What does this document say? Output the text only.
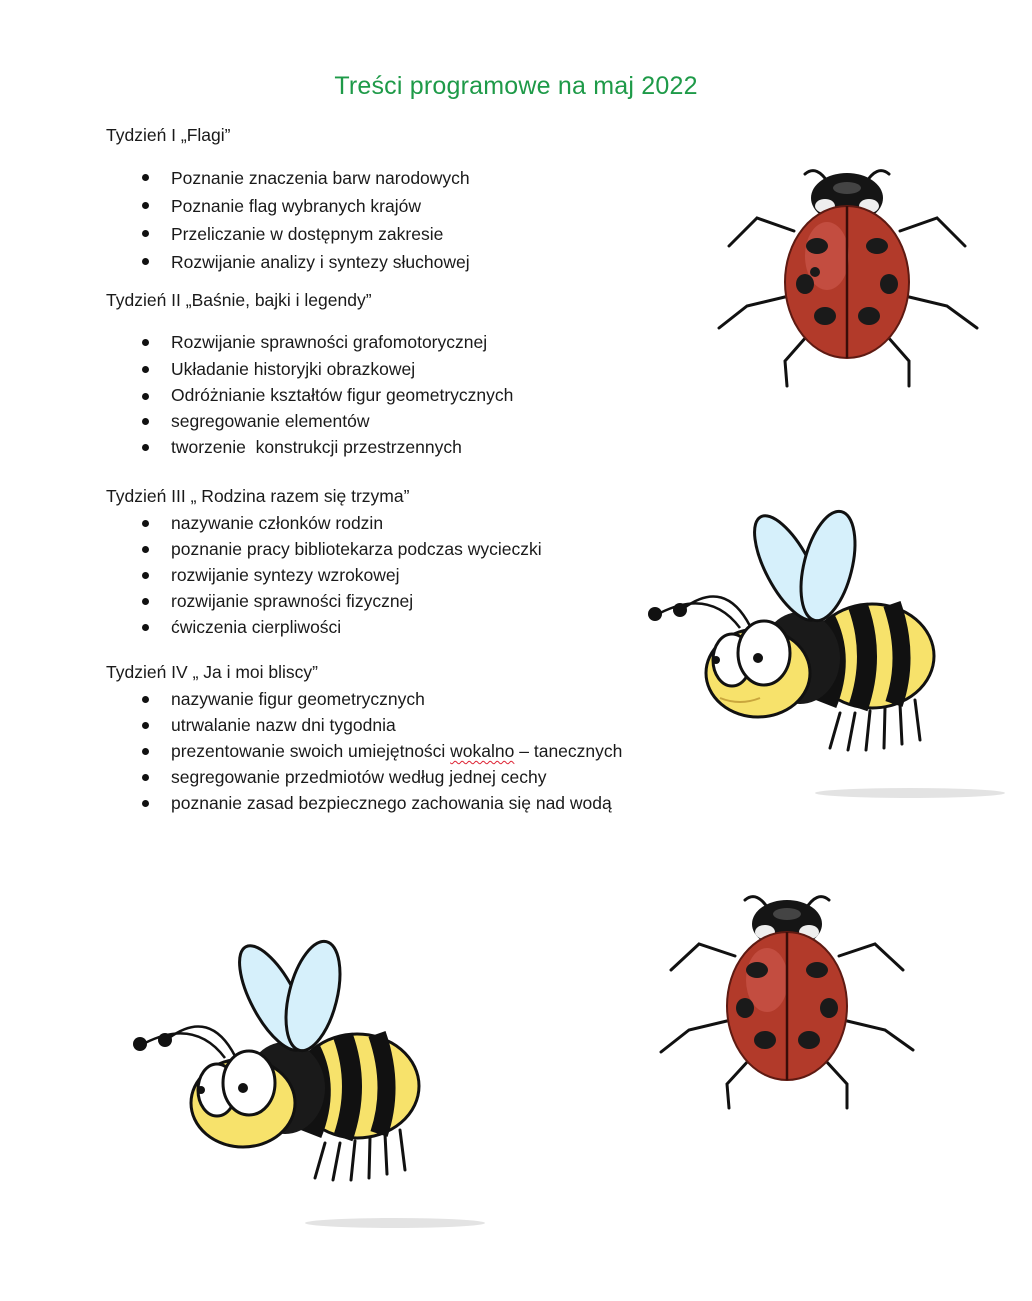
Treści programowe na maj 2022
Tydzień I „Flagi”
Poznanie znaczenia barw narodowych
Poznanie flag wybranych krajów
Przeliczanie w dostępnym zakresie
Rozwijanie analizy i syntezy słuchowej
Tydzień II „Baśnie, bajki i legendy”
Rozwijanie sprawności grafomotorycznej
Układanie historyjki obrazkowej
Odróżnianie kształtów figur geometrycznych
segregowanie elementów
tworzenie  konstrukcji przestrzennych
Tydzień III „ Rodzina razem się trzyma”
nazywanie członków rodzin
poznanie pracy bibliotekarza podczas wycieczki
rozwijanie syntezy wzrokowej
rozwijanie sprawności fizycznej
ćwiczenia cierpliwości
Tydzień IV „ Ja i moi bliscy”
nazywanie figur geometrycznych
utrwalanie nazw dni tygodnia
prezentowanie swoich umiejętności wokalno – tanecznych
segregowanie przedmiotów według jednej cechy
poznanie zasad bezpiecznego zachowania się nad wodą
